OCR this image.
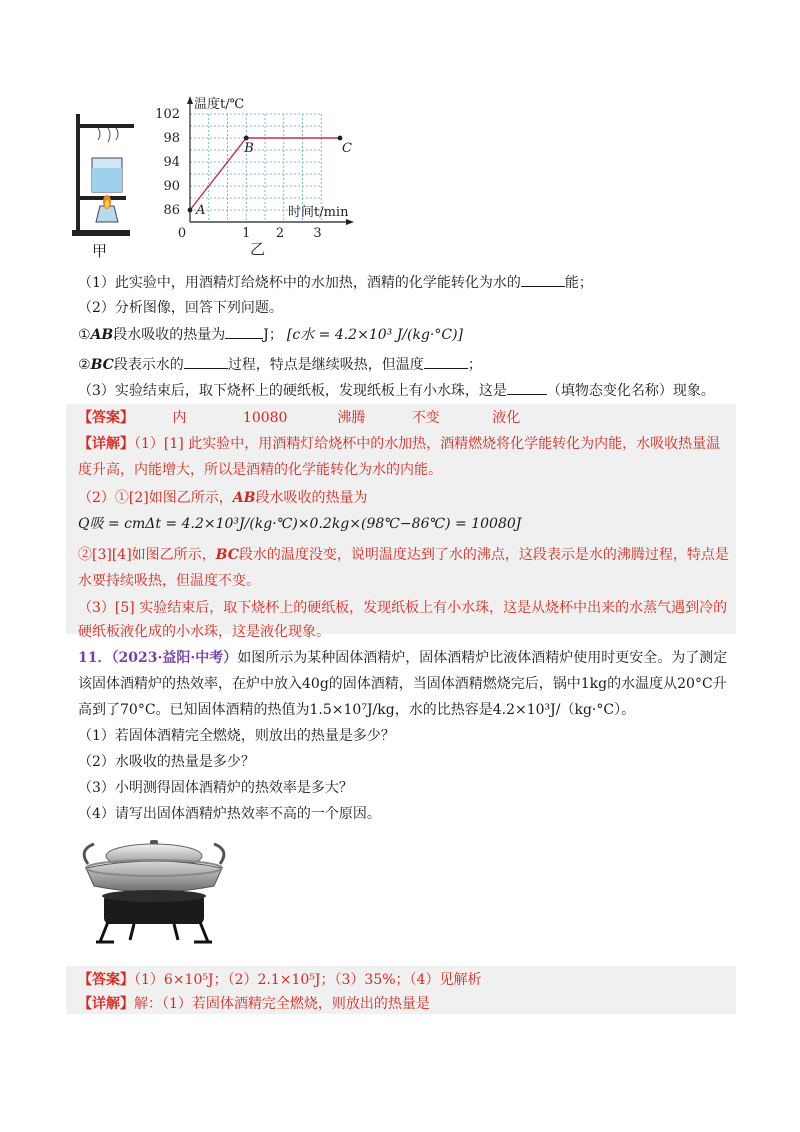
甲
86
90
94
98
102
0	1 2 3
温度t/℃
时间t/min
乙
A
B	C
（1）此实验中，用酒精灯给烧杯中的水加热，酒精的化学能转化为水的	能；
（2）分析图像，回答下列问题。
①AB段水吸收的热量为	J； [c水 = 4.2×10³ J/(kg·°C)]
②BC段表示水的	过程，特点是继续吸热，但温度	；
（3）实验结束后，取下烧杯上的硬纸板，发现纸板上有小水珠，这是	（填物态变化名称）现象。
【答案】	内	10080	沸腾	不变	液化
【详解】（1）[1] 此实验中，用酒精灯给烧杯中的水加热，酒精燃烧将化学能转化为内能，水吸收热量温
度升高，内能增大，所以是酒精的化学能转化为水的内能。
（2）①[2]如图乙所示，AB段水吸收的热量为
Q吸 = cmΔt = 4.2×10³J/(kg·℃)×0.2kg×(98℃−86℃) = 10080J
②[3][4]如图乙所示，BC段水的温度没变，说明温度达到了水的沸点，这段表示是水的沸腾过程，特点是
水要持续吸热，但温度不变。
（3）[5] 实验结束后，取下烧杯上的硬纸板，发现纸板上有小水珠，这是从烧杯中出来的水蒸气遇到冷的
硬纸板液化成的小水珠，这是液化现象。
11．（2023·益阳·中考）如图所示为某种固体酒精炉，固体酒精炉比液体酒精炉使用时更安全。为了测定
该固体酒精炉的热效率，在炉中放入40g的固体酒精，当固体酒精燃烧完后，锅中1kg的水温度从20°C升
高到了70°C。已知固体酒精的热值为1.5×10⁷J/kg，水的比热容是4.2×10³J/（kg·°C）。
（1）若固体酒精完全燃烧，则放出的热量是多少？
（2）水吸收的热量是多少？
（3）小明测得固体酒精炉的热效率是多大？
（4）请写出固体酒精炉热效率不高的一个原因。
【答案】（1）6×10⁵J；（2）2.1×10⁵J；（3）35%；（4）见解析
【详解】解：（1）若固体酒精完全燃烧，则放出的热量是
